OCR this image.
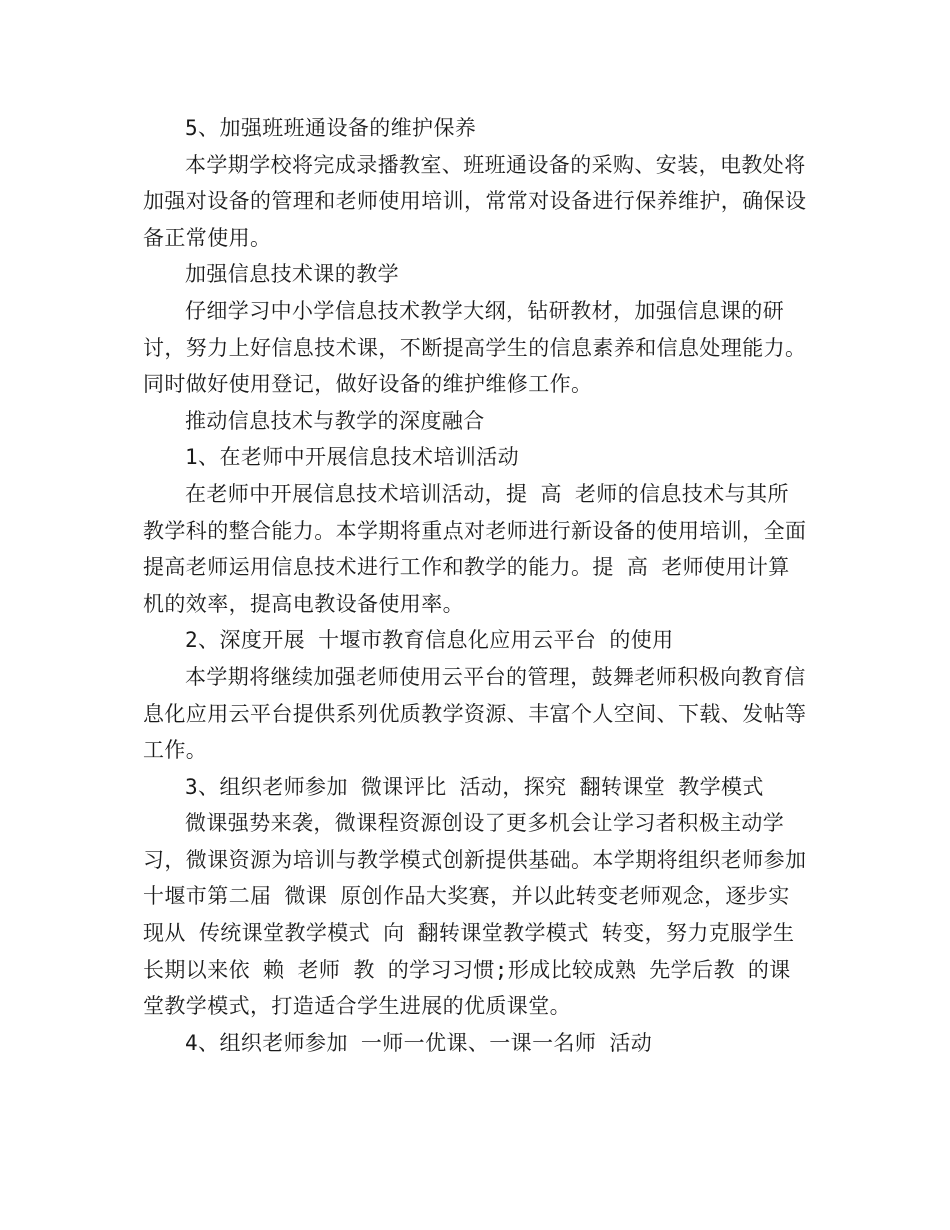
5、加强班班通设备的维护保养

本学期学校将完成录播教室、班班通设备的采购、安装，电教处将加强对设备的管理和老师使用培训，常常对设备进行保养维护，确保设备正常使用。

加强信息技术课的教学

仔细学习中小学信息技术教学大纲，钻研教材，加强信息课的研讨，努力上好信息技术课，不断提高学生的信息素养和信息处理能力。同时做好使用登记，做好设备的维护维修工作。

推动信息技术与教学的深度融合

1、在老师中开展信息技术培训活动

在老师中开展信息技术培训活动，提 高 老师的信息技术与其所教学科的整合能力。本学期将重点对老师进行新设备的使用培训，全面提高老师运用信息技术进行工作和教学的能力。提 高 老师使用计算机的效率，提高电教设备使用率。

2、深度开展 十堰市教育信息化应用云平台 的使用

本学期将继续加强老师使用云平台的管理，鼓舞老师积极向教育信息化应用云平台提供系列优质教学资源、丰富个人空间、下载、发帖等工作。

3、组织老师参加 微课评比 活动，探究 翻转课堂 教学模式

微课强势来袭，微课程资源创设了更多机会让学习者积极主动学习，微课资源为培训与教学模式创新提供基础。本学期将组织老师参加十堰市第二届 微课 原创作品大奖赛，并以此转变老师观念，逐步实现从 传统课堂教学模式 向 翻转课堂教学模式 转变，努力克服学生长期以来依 赖 老师 教 的学习习惯;形成比较成熟 先学后教 的课堂教学模式，打造适合学生进展的优质课堂。

4、组织老师参加 一师一优课、一课一名师 活动
